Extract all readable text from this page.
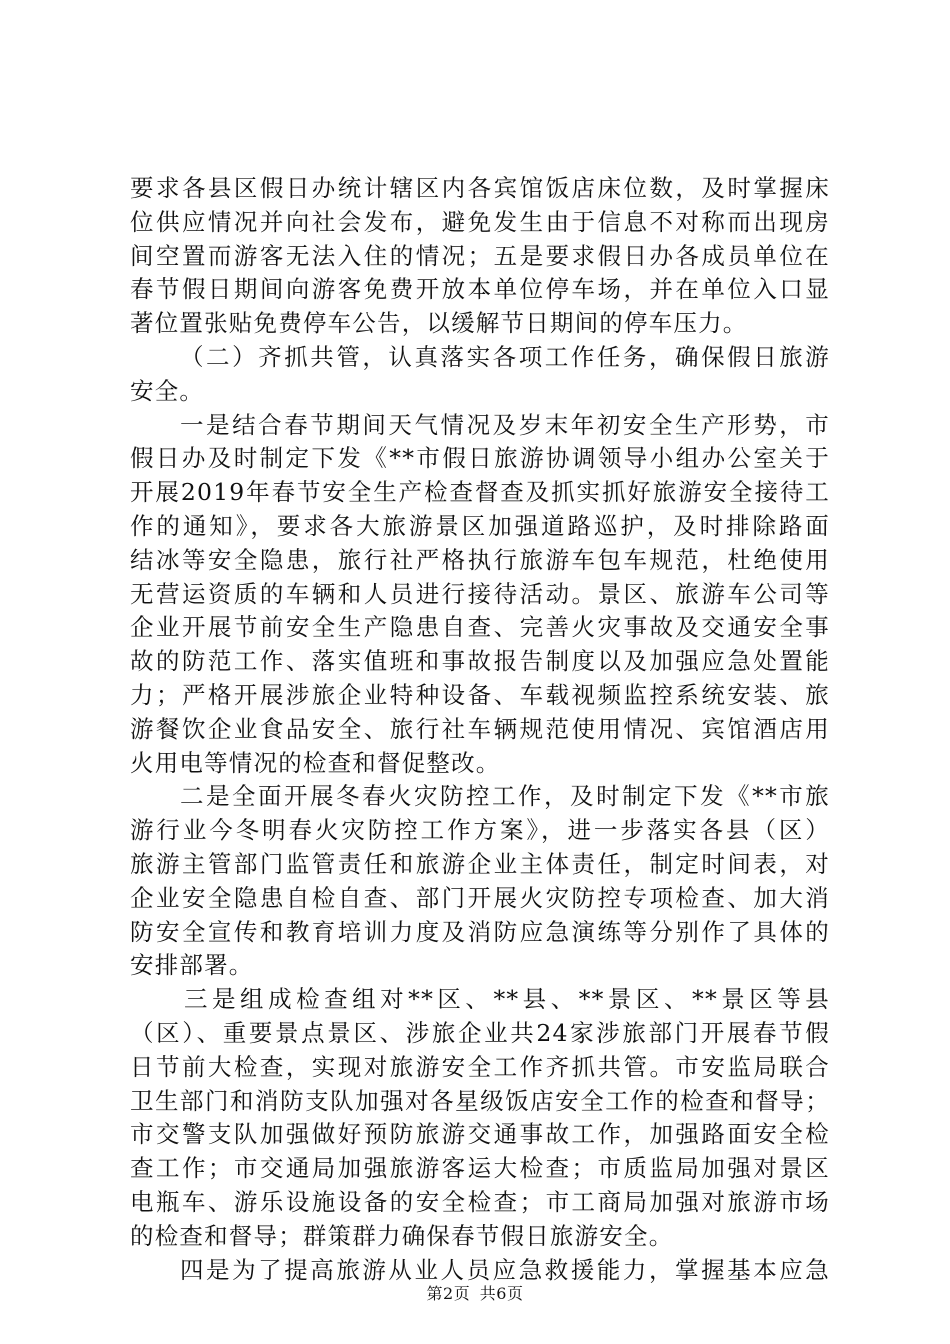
要求各县区假日办统计辖区内各宾馆饭店床位数，及时掌握床
位供应情况并向社会发布，避免发生由于信息不对称而出现房
间空置而游客无法入住的情况；五是要求假日办各成员单位在
春节假日期间向游客免费开放本单位停车场，并在单位入口显
著位置张贴免费停车公告，以缓解节日期间的停车压力。
（二）齐抓共管，认真落实各项工作任务，确保假日旅游
安全。
一是结合春节期间天气情况及岁末年初安全生产形势，市
假日办及时制定下发《**市假日旅游协调领导小组办公室关于
开展2019年春节安全生产检查督查及抓实抓好旅游安全接待工
作的通知》，要求各大旅游景区加强道路巡护，及时排除路面
结冰等安全隐患，旅行社严格执行旅游车包车规范，杜绝使用
无营运资质的车辆和人员进行接待活动。景区、旅游车公司等
企业开展节前安全生产隐患自查、完善火灾事故及交通安全事
故的防范工作、落实值班和事故报告制度以及加强应急处置能
力；严格开展涉旅企业特种设备、车载视频监控系统安装、旅
游餐饮企业食品安全、旅行社车辆规范使用情况、宾馆酒店用
火用电等情况的检查和督促整改。
二是全面开展冬春火灾防控工作，及时制定下发《**市旅
游行业今冬明春火灾防控工作方案》，进一步落实各县（区）
旅游主管部门监管责任和旅游企业主体责任，制定时间表，对
企业安全隐患自检自查、部门开展火灾防控专项检查、加大消
防安全宣传和教育培训力度及消防应急演练等分别作了具体的
安排部署。
三是组成检查组对**区、**县、**景区、**景区等县
（区）、重要景点景区、涉旅企业共24家涉旅部门开展春节假
日节前大检查，实现对旅游安全工作齐抓共管。市安监局联合
卫生部门和消防支队加强对各星级饭店安全工作的检查和督导；
市交警支队加强做好预防旅游交通事故工作，加强路面安全检
查工作；市交通局加强旅游客运大检查；市质监局加强对景区
电瓶车、游乐设施设备的安全检查；市工商局加强对旅游市场
的检查和督导；群策群力确保春节假日旅游安全。
四是为了提高旅游从业人员应急救援能力，掌握基本应急
第2页 共6页
